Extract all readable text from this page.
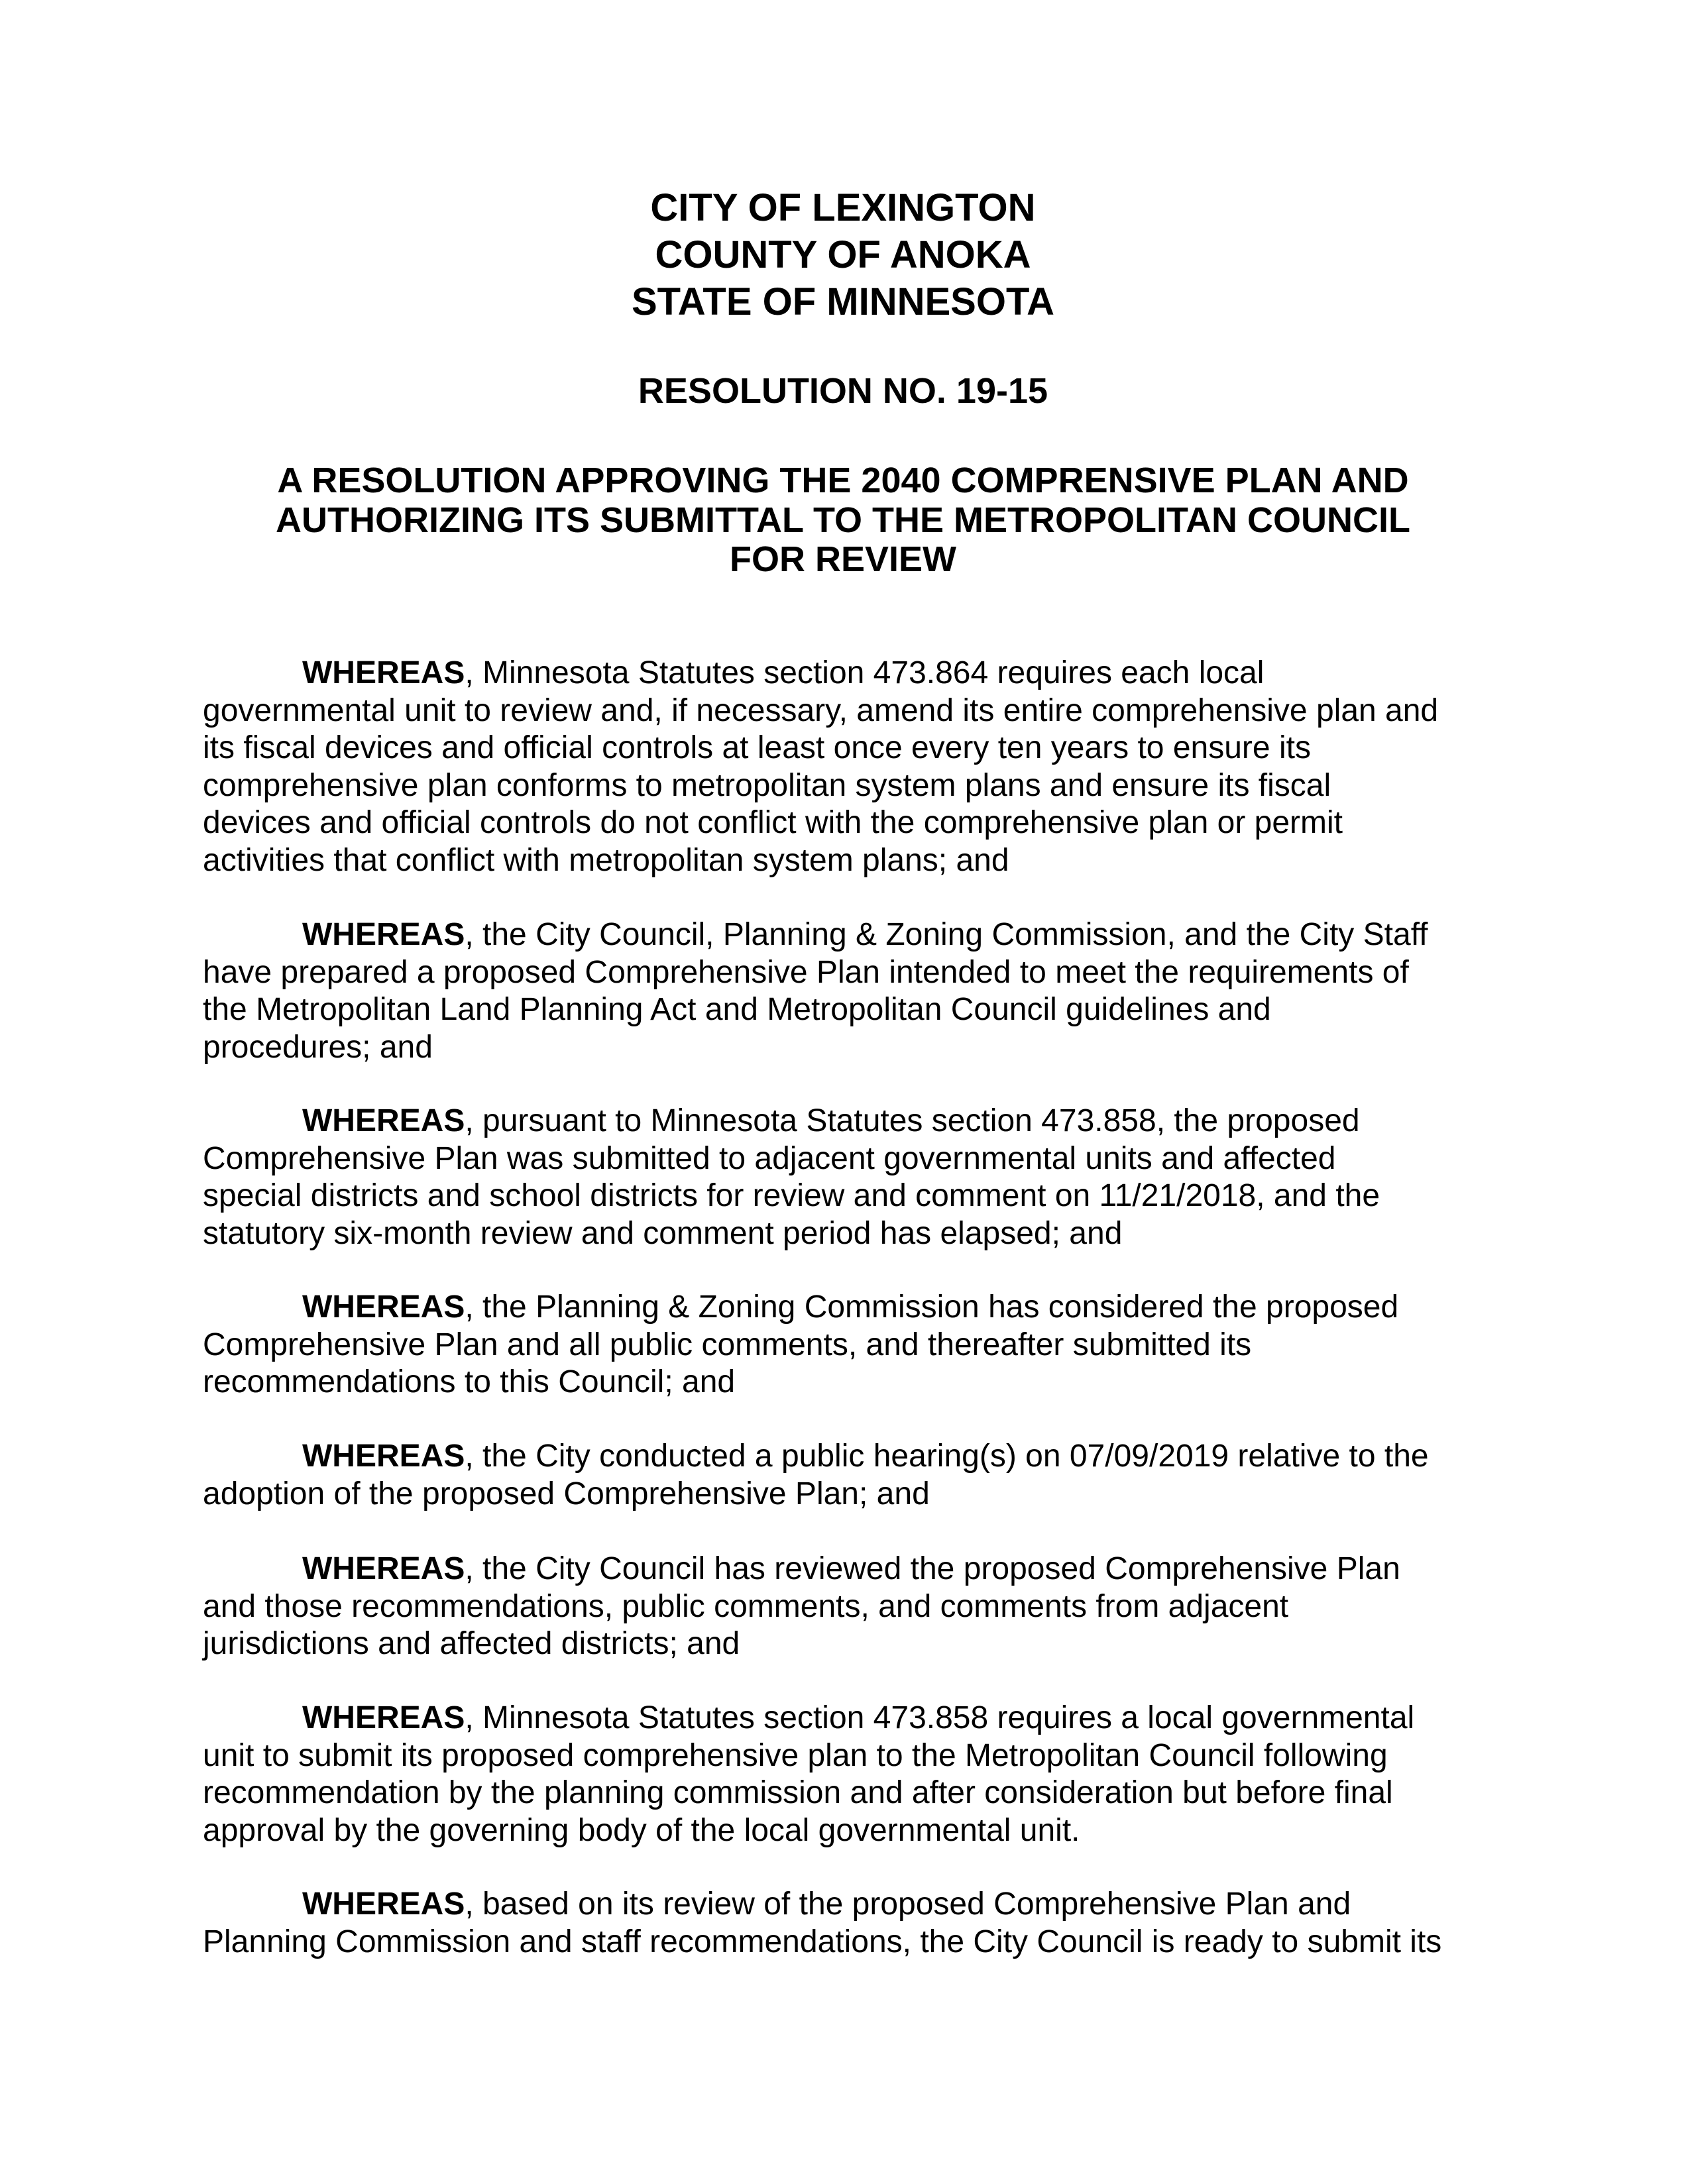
CITY OF LEXINGTON
COUNTY OF ANOKA
STATE OF MINNESOTA
RESOLUTION NO. 19-15
A RESOLUTION APPROVING THE 2040 COMPRENSIVE PLAN AND
AUTHORIZING ITS SUBMITTAL TO THE METROPOLITAN COUNCIL
FOR REVIEW
WHEREAS, Minnesota Statutes section 473.864 requires each local
governmental unit to review and, if necessary, amend its entire comprehensive plan and
its fiscal devices and official controls at least once every ten years to ensure its
comprehensive plan conforms to metropolitan system plans and ensure its fiscal
devices and official controls do not conflict with the comprehensive plan or permit
activities that conflict with metropolitan system plans; and
WHEREAS, the City Council, Planning & Zoning Commission, and the City Staff
have prepared a proposed Comprehensive Plan intended to meet the requirements of
the Metropolitan Land Planning Act and Metropolitan Council guidelines and
procedures; and
WHEREAS, pursuant to Minnesota Statutes section 473.858, the proposed
Comprehensive Plan was submitted to adjacent governmental units and affected
special districts and school districts for review and comment on 11/21/2018, and the
statutory six-month review and comment period has elapsed; and
WHEREAS, the Planning & Zoning Commission has considered the proposed
Comprehensive Plan and all public comments, and thereafter submitted its
recommendations to this Council; and
WHEREAS, the City conducted a public hearing(s) on 07/09/2019 relative to the
adoption of the proposed Comprehensive Plan; and
WHEREAS, the City Council has reviewed the proposed Comprehensive Plan
and those recommendations, public comments, and comments from adjacent
jurisdictions and affected districts; and
WHEREAS, Minnesota Statutes section 473.858 requires a local governmental
unit to submit its proposed comprehensive plan to the Metropolitan Council following
recommendation by the planning commission and after consideration but before final
approval by the governing body of the local governmental unit.
WHEREAS, based on its review of the proposed Comprehensive Plan and
Planning Commission and staff recommendations, the City Council is ready to submit its
